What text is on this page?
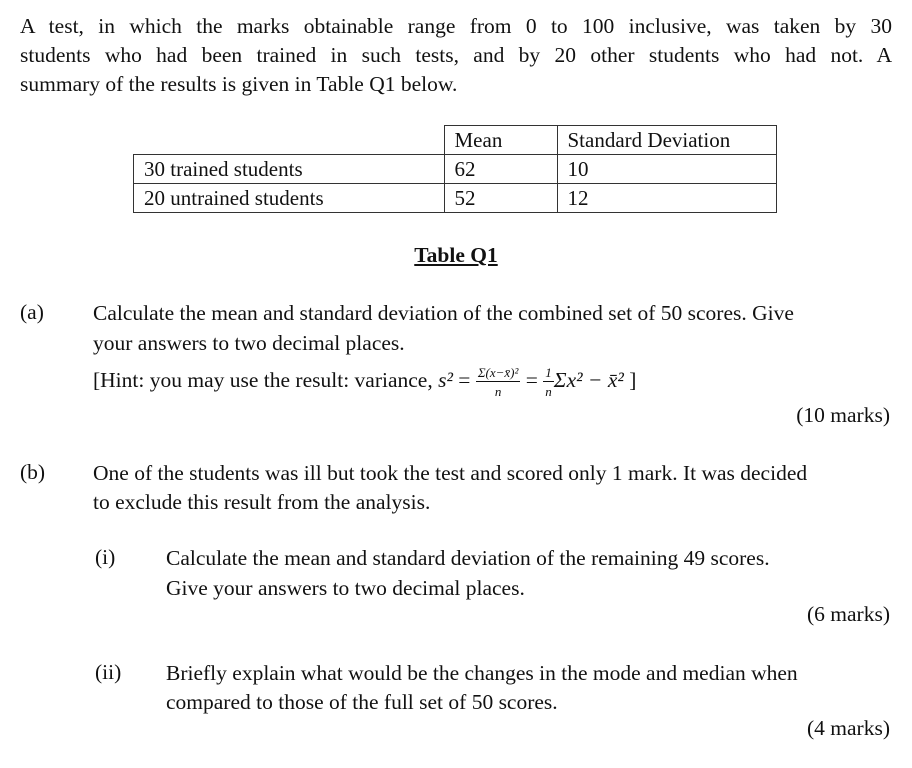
A test, in which the marks obtainable range from 0 to 100 inclusive, was taken by 30
students who had been trained in such tests, and by 20 other students who had not. A
summary of the results is given in Table Q1 below.
	Mean	Standard Deviation
30 trained students	62	10
20 untrained students	52	12
Table Q1
(a) Calculate the mean and standard deviation of the combined set of 50 scores. Give
your answers to two decimal places.
[Hint: you may use the result: variance, $s^2 = \frac{\text{Σ(x−x̄)²}}{n} = \frac{1}{n} \Sigma x^2$ − x̄² ]
(10 marks)
(b) One of the students was ill but took the test and scored only 1 mark. It was decided
to exclude this result from the analysis.
(i) Calculate the mean and standard deviation of the remaining 49 scores.
Give your answers to two decimal places.
(6 marks)
(ii) Briefly explain what would be the changes in the mode and median when
compared to those of the full set of 50 scores.
(4 marks)
